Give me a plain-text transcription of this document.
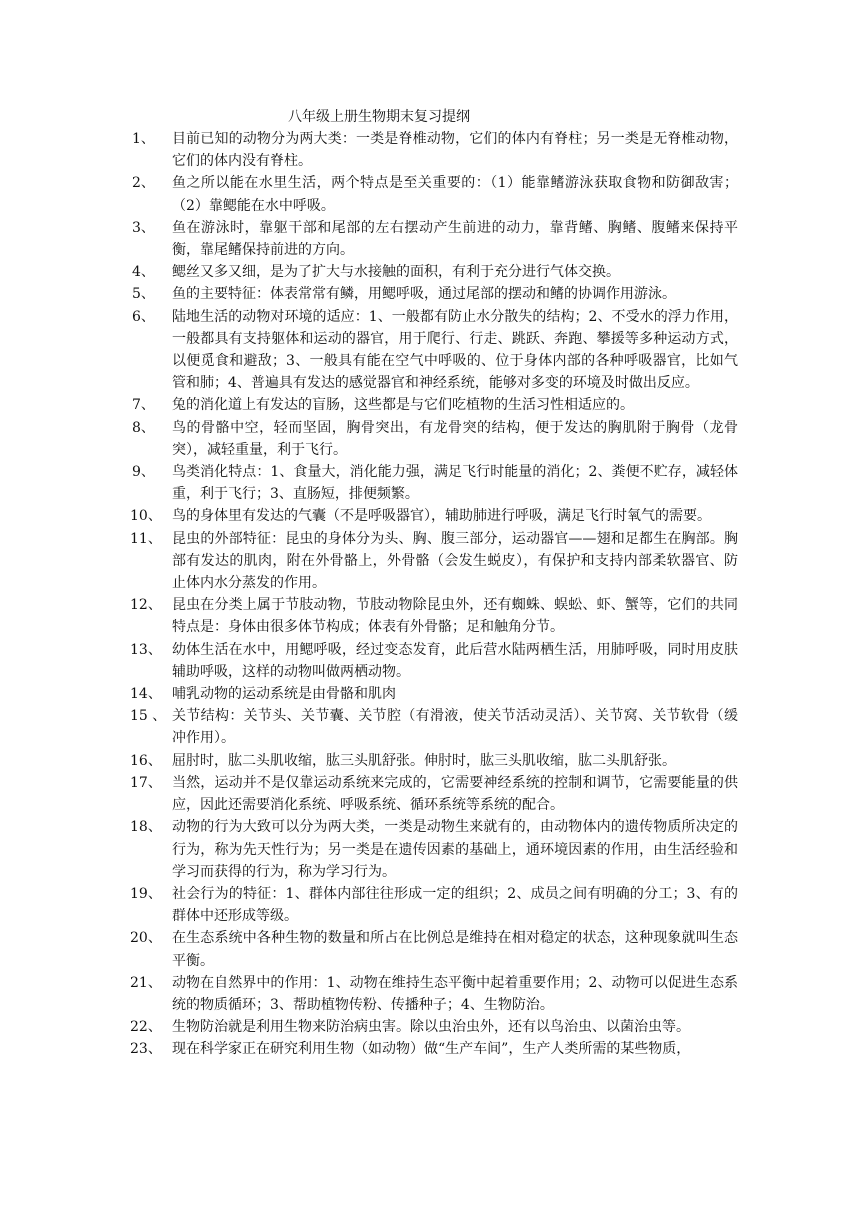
八年级上册生物期末复习提纲
1、 目前已知的动物分为两大类：一类是脊椎动物，它们的体内有脊柱；另一类是无脊椎动物，它们的体内没有脊柱。
2、 鱼之所以能在水里生活，两个特点是至关重要的：（1）能靠鳍游泳获取食物和防御敌害；（2）靠鳃能在水中呼吸。
3、 鱼在游泳时，靠躯干部和尾部的左右摆动产生前进的动力，靠背鳍、胸鳍、腹鳍来保持平衡，靠尾鳍保持前进的方向。
4、 鳃丝又多又细，是为了扩大与水接触的面积，有利于充分进行气体交换。
5、 鱼的主要特征：体表常常有鳞，用鳃呼吸，通过尾部的摆动和鳍的协调作用游泳。
6、 陆地生活的动物对环境的适应：1、一般都有防止水分散失的结构；2、不受水的浮力作用，一般都具有支持躯体和运动的器官，用于爬行、行走、跳跃、奔跑、攀援等多种运动方式，以便觅食和避敌；3、一般具有能在空气中呼吸的、位于身体内部的各种呼吸器官，比如气管和肺；4、普遍具有发达的感觉器官和神经系统，能够对多变的环境及时做出反应。
7、 兔的消化道上有发达的盲肠，这些都是与它们吃植物的生活习性相适应的。
8、 鸟的骨骼中空，轻而坚固，胸骨突出，有龙骨突的结构，便于发达的胸肌附于胸骨（龙骨突），减轻重量，利于飞行。
9、 鸟类消化特点：1、食量大，消化能力强，满足飞行时能量的消化；2、粪便不贮存，减轻体重，利于飞行；3、直肠短，排便频繁。
10、 鸟的身体里有发达的气囊（不是呼吸器官），辅助肺进行呼吸，满足飞行时氧气的需要。
11、 昆虫的外部特征：昆虫的身体分为头、胸、腹三部分，运动器官——翅和足都生在胸部。胸部有发达的肌肉，附在外骨骼上，外骨骼（会发生蜕皮），有保护和支持内部柔软器官、防止体内水分蒸发的作用。
12、 昆虫在分类上属于节肢动物，节肢动物除昆虫外，还有蜘蛛、蜈蚣、虾、蟹等，它们的共同特点是：身体由很多体节构成；体表有外骨骼；足和触角分节。
13、 幼体生活在水中，用鳃呼吸，经过变态发育，此后营水陆两栖生活，用肺呼吸，同时用皮肤辅助呼吸，这样的动物叫做两栖动物。
14、 哺乳动物的运动系统是由骨骼和肌肉
15 、 关节结构：关节头、关节囊、关节腔（有滑液，使关节活动灵活）、关节窝、关节软骨（缓冲作用）。
16、 屈肘时，肱二头肌收缩，肱三头肌舒张。伸肘时，肱三头肌收缩，肱二头肌舒张。
17、 当然，运动并不是仅靠运动系统来完成的，它需要神经系统的控制和调节，它需要能量的供应，因此还需要消化系统、呼吸系统、循环系统等系统的配合。
18、 动物的行为大致可以分为两大类，一类是动物生来就有的，由动物体内的遗传物质所决定的行为，称为先天性行为；另一类是在遗传因素的基础上，通环境因素的作用，由生活经验和学习而获得的行为，称为学习行为。
19、 社会行为的特征：1、群体内部往往形成一定的组织；2、成员之间有明确的分工；3、有的群体中还形成等级。
20、 在生态系统中各种生物的数量和所占在比例总是维持在相对稳定的状态，这种现象就叫生态平衡。
21、 动物在自然界中的作用：1、动物在维持生态平衡中起着重要作用；2、动物可以促进生态系统的物质循环；3、帮助植物传粉、传播种子；4、生物防治。
22、 生物防治就是利用生物来防治病虫害。除以虫治虫外，还有以鸟治虫、以菌治虫等。
23、 现在科学家正在研究利用生物（如动物）做“生产车间”，生产人类所需的某些物质，
